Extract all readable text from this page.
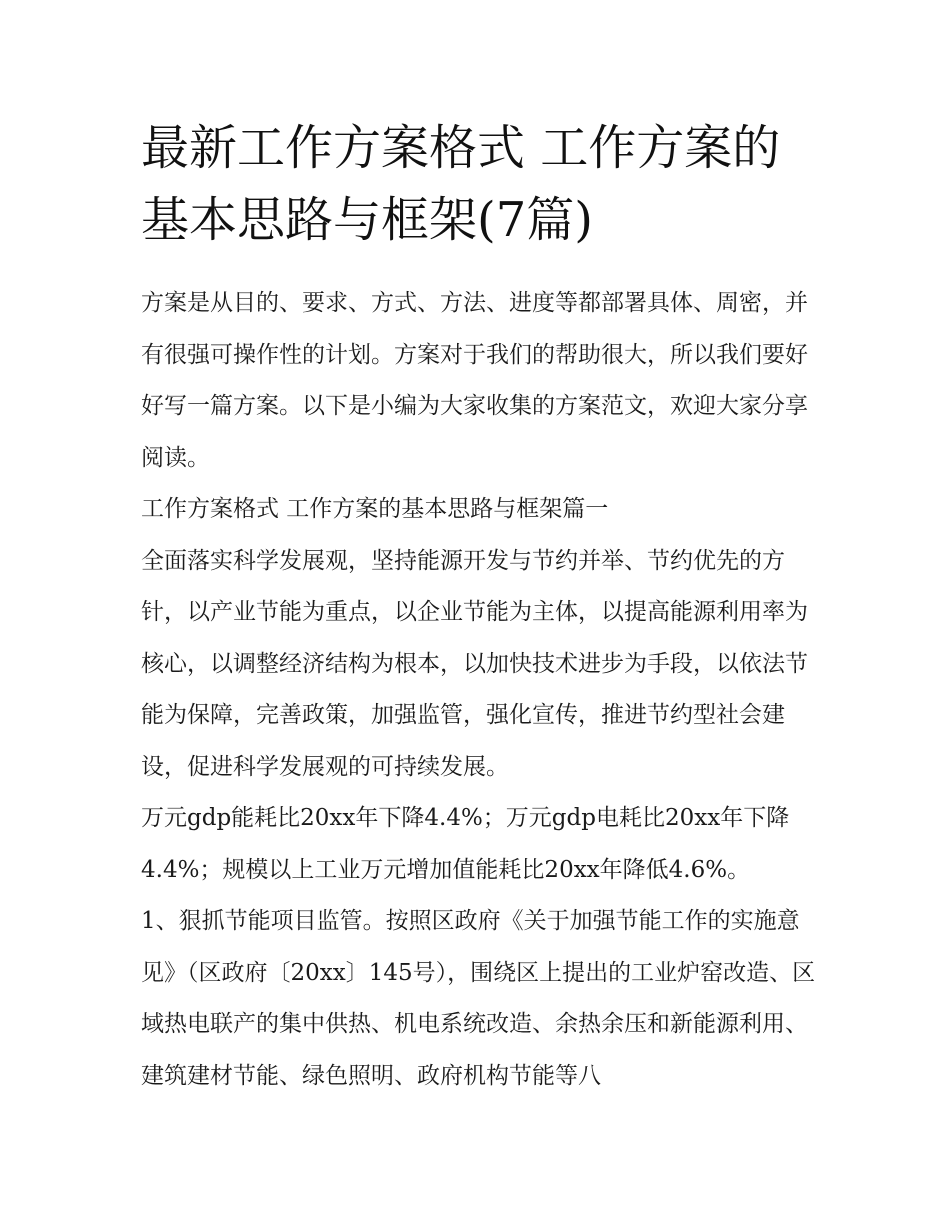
最新工作方案格式 工作方案的基本思路与框架(7篇)

方案是从目的、要求、方式、方法、进度等都部署具体、周密，并有很强可操作性的计划。方案对于我们的帮助很大，所以我们要好好写一篇方案。以下是小编为大家收集的方案范文，欢迎大家分享阅读。

工作方案格式 工作方案的基本思路与框架篇一

全面落实科学发展观，坚持能源开发与节约并举、节约优先的方针，以产业节能为重点，以企业节能为主体，以提高能源利用率为核心，以调整经济结构为根本，以加快技术进步为手段，以依法节能为保障，完善政策，加强监管，强化宣传，推进节约型社会建设，促进科学发展观的可持续发展。

万元gdp能耗比20xx年下降4.4%；万元gdp电耗比20xx年下降4.4%；规模以上工业万元增加值能耗比20xx年降低4.6%。

1、狠抓节能项目监管。按照区政府《关于加强节能工作的实施意见》（区政府〔20xx〕145号），围绕区上提出的工业炉窑改造、区域热电联产的集中供热、机电系统改造、余热余压和新能源利用、建筑建材节能、绿色照明、政府机构节能等八
